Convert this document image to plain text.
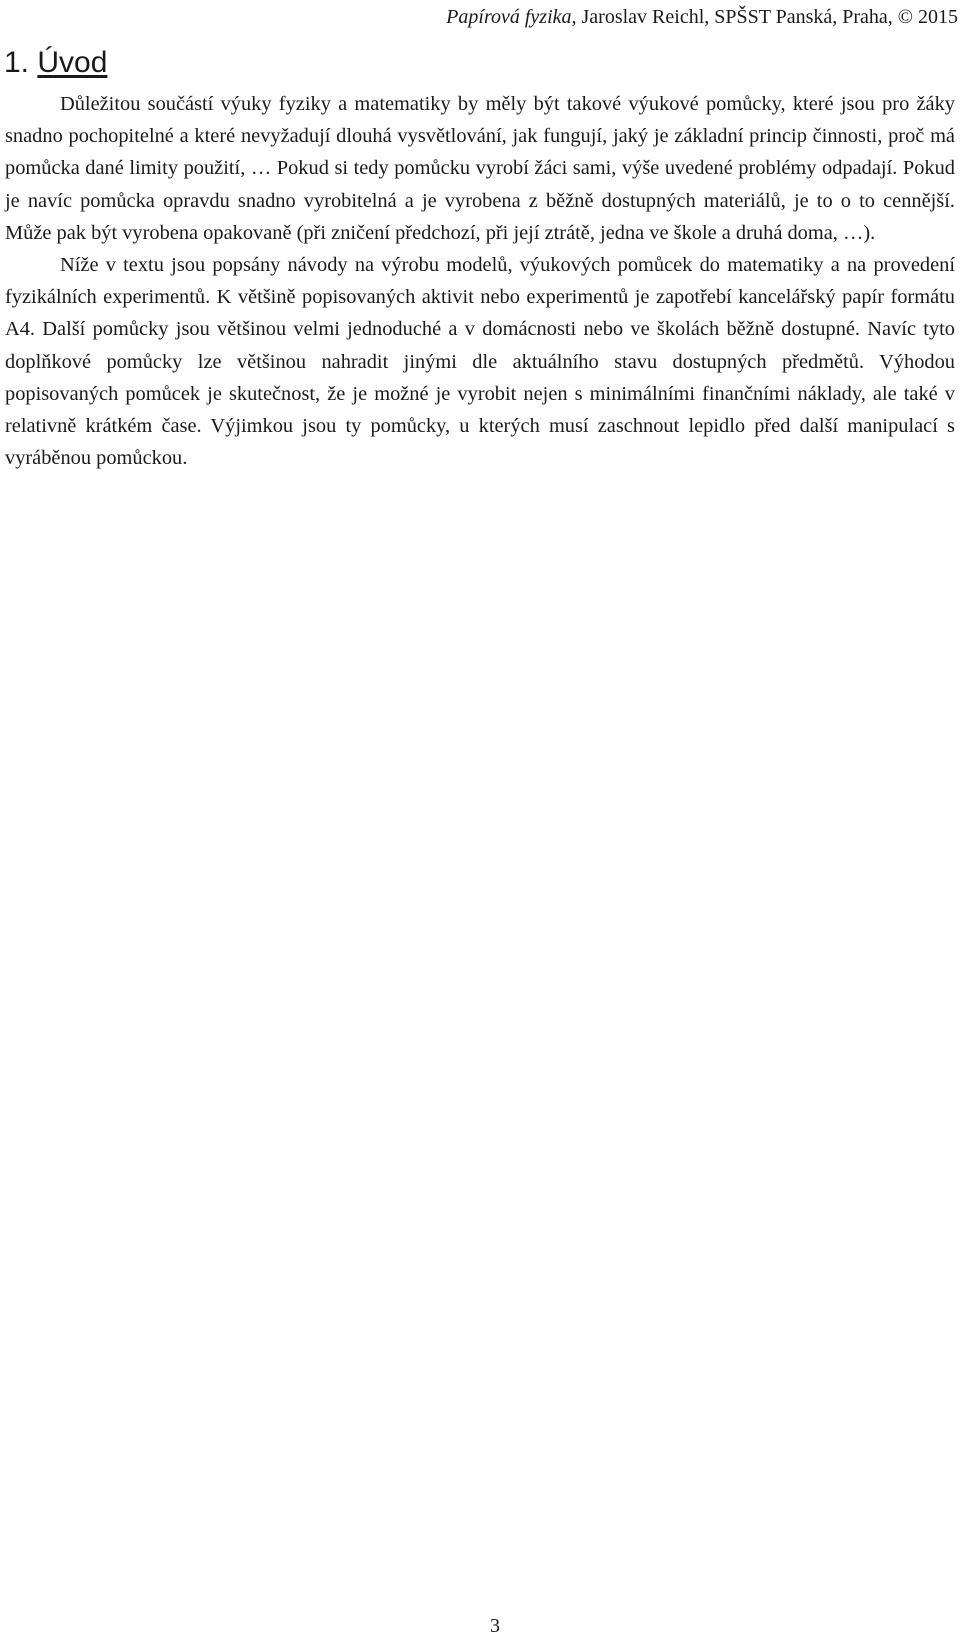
Papírová fyzika, Jaroslav Reichl, SPŠST Panská, Praha, © 2015
1. Úvod

Důležitou součástí výuky fyziky a matematiky by měly být takové výukové pomůcky, které jsou pro žáky snadno pochopitelné a které nevyžadují dlouhá vysvětlování, jak fungují, jaký je základní princip činnosti, proč má pomůcka dané limity použití, … Pokud si tedy pomůcku vyrobí žáci sami, výše uvedené problémy odpadají. Pokud je navíc pomůcka opravdu snadno vyrobitelná a je vyrobena z běžně dostupných materiálů, je to o to cennější. Může pak být vyrobena opakovaně (při zničení předchozí, při její ztrátě, jedna ve škole a druhá doma, …).

Níže v textu jsou popsány návody na výrobu modelů, výukových pomůcek do matematiky a na provedení fyzikálních experimentů. K většině popisovaných aktivit nebo experimentů je zapotřebí kancelářský papír formátu A4. Další pomůcky jsou většinou velmi jednoduché a v domácnosti nebo ve školách běžně dostupné. Navíc tyto doplňkové pomůcky lze většinou nahradit jinými dle aktuálního stavu dostupných předmětů. Výhodou popisovaných pomůcek je skutečnost, že je možné je vyrobit nejen s minimálními finančními náklady, ale také v relativně krátkém čase. Výjimkou jsou ty pomůcky, u kterých musí zaschnout lepidlo před další manipulací s vyráběnou pomůckou.

3
